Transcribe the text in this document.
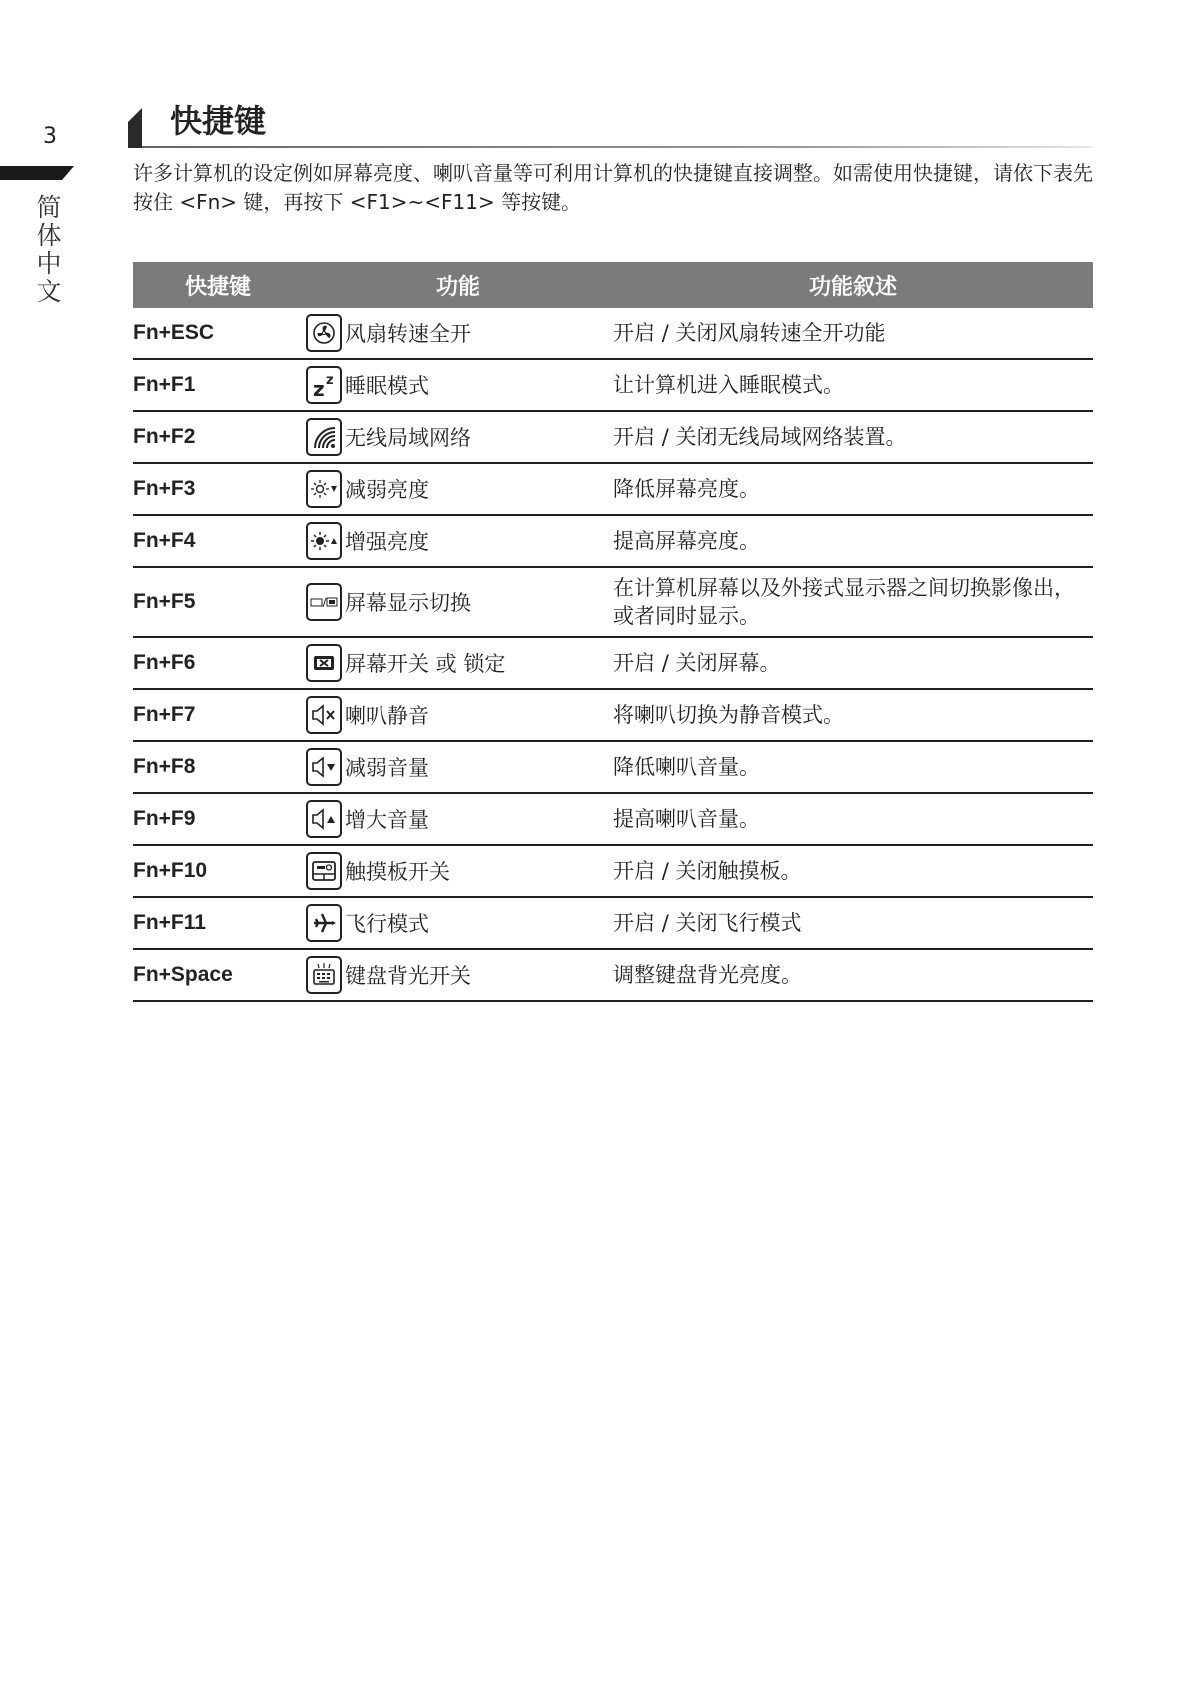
3
简
体
中
文
快捷键
许多计算机的设定例如屏幕亮度、喇叭音量等可利用计算机的快捷键直接调整。如需使用快捷键，请依下表先按住 <Fn> 键，再按下 <F1>~<F11> 等按键。
快捷键	功能		功能叙述
Fn+ESC		风扇转速全开	开启 / 关闭风扇转速全开功能
Fn+F1	z z	睡眠模式	让计算机进入睡眠模式。
Fn+F2		无线局域网络	开启 / 关闭无线局域网络装置。
Fn+F3		减弱亮度	降低屏幕亮度。
Fn+F4		增强亮度	提高屏幕亮度。
Fn+F5		屏幕显示切换	在计算机屏幕以及外接式显示器之间切换影像出，或者同时显示。
Fn+F6		屏幕开关 或 锁定	开启 / 关闭屏幕。
Fn+F7		喇叭静音	将喇叭切换为静音模式。
Fn+F8		减弱音量	降低喇叭音量。
Fn+F9		增大音量	提高喇叭音量。
Fn+F10		触摸板开关	开启 / 关闭触摸板。
Fn+F11		飞行模式	开启 / 关闭飞行模式
Fn+Space		键盘背光开关	调整键盘背光亮度。
